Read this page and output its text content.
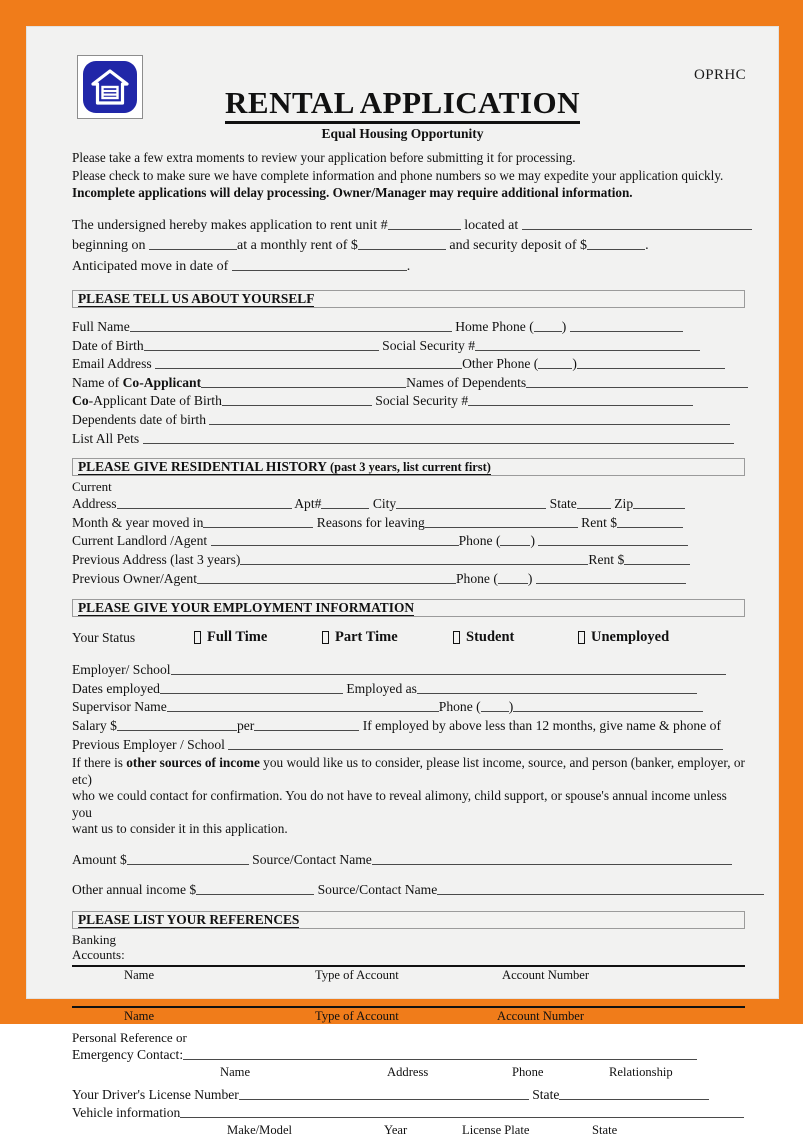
OPRHC
RENTAL APPLICATION
Equal Housing Opportunity
Please take a few extra moments to review your application before submitting it for processing.
Please check to make sure we have complete information and phone numbers so we may expedite your application quickly.
Incomplete applications will delay processing. Owner/Manager may require additional information.
The undersigned hereby makes application to rent unit #	located at
beginning on	at a monthly rent of $	and security deposit of $	.
Anticipated move in date of	.
PLEASE TELL US ABOUT YOURSELF
Full Name	Home Phone ( )
Date of Birth	Social Security #
Email Address	Other Phone (	)
Name of Co-Applicant	Names of Dependents
Co-Applicant Date of Birth	Social Security #
Dependents date of birth
List All Pets
PLEASE GIVE RESIDENTIAL HISTORY (past 3 years, list current first)
Current
Address	Apt#	City	State	Zip
Month & year moved in	Reasons for leaving	Rent $
Current Landlord /Agent	Phone ( )
Previous Address (last 3 years)	Rent $
Previous Owner/Agent	Phone ( )
PLEASE GIVE YOUR EMPLOYMENT INFORMATION
Your Status	Full Time	Part Time	Student	Unemployed
Employer/ School
Dates employed	Employed as
Supervisor Name	Phone ( )
Salary $	per	If employed by above less than 12 months, give name & phone of
Previous Employer / School
If there is other sources of income you would like us to consider, please list income, source, and person (banker, employer, or etc)
who we could contact for confirmation. You do not have to reveal alimony, child support, or spouse's annual income unless you
want us to consider it in this application.
Amount $	Source/Contact Name
Other annual income $	Source/Contact Name
PLEASE LIST YOUR REFERENCES
Banking
Accounts:
Name	Type of Account	Account Number
Name	Type of Account	Account Number
Personal Reference or
Emergency Contact:
Name	Address	Phone	Relationship
Your Driver's License Number	State
Vehicle information
Make/Model	Year	License Plate	State
